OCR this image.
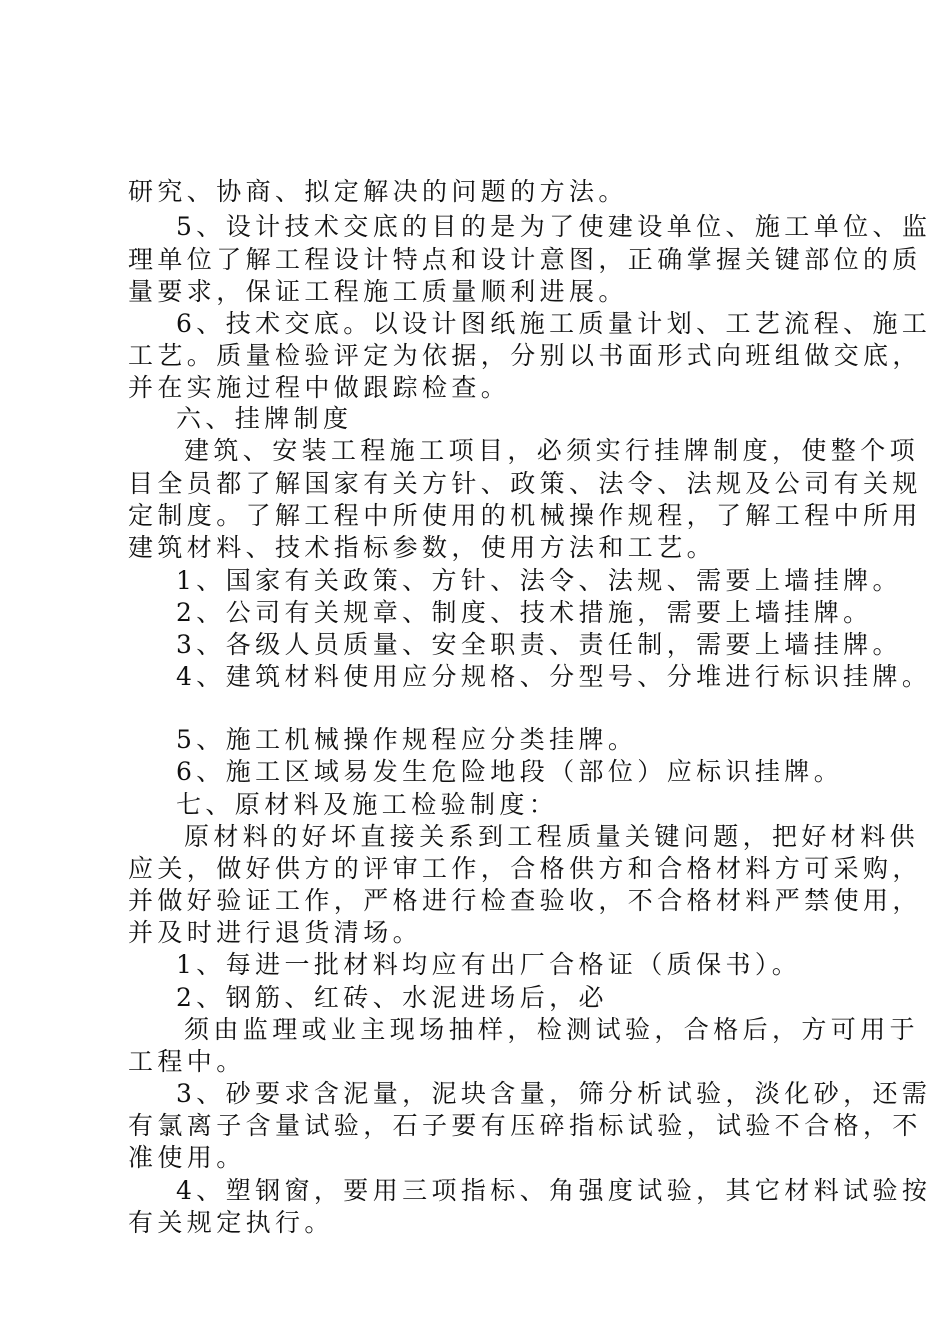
研究、协商、拟定解决的问题的方法。
5、设计技术交底的目的是为了使建设单位、施工单位、监
理单位了解工程设计特点和设计意图，正确掌握关键部位的质
量要求，保证工程施工质量顺利进展。
6、技术交底。以设计图纸施工质量计划、工艺流程、施工
工艺。质量检验评定为依据，分别以书面形式向班组做交底，
并在实施过程中做跟踪检查。
六、挂牌制度
建筑、安装工程施工项目，必须实行挂牌制度，使整个项
目全员都了解国家有关方针、政策、法令、法规及公司有关规
定制度。了解工程中所使用的机械操作规程，了解工程中所用
建筑材料、技术指标参数，使用方法和工艺。
1、国家有关政策、方针、法令、法规、需要上墙挂牌。
2、公司有关规章、制度、技术措施，需要上墙挂牌。
3、各级人员质量、安全职责、责任制，需要上墙挂牌。
4、建筑材料使用应分规格、分型号、分堆进行标识挂牌。
5、施工机械操作规程应分类挂牌。
6、施工区域易发生危险地段（部位）应标识挂牌。
七、原材料及施工检验制度：
原材料的好坏直接关系到工程质量关键问题，把好材料供
应关，做好供方的评审工作，合格供方和合格材料方可采购，
并做好验证工作，严格进行检查验收，不合格材料严禁使用，
并及时进行退货清场。
1、每进一批材料均应有出厂合格证（质保书）。
2、钢筋、红砖、水泥进场后，必
须由监理或业主现场抽样，检测试验，合格后，方可用于
工程中。
3、砂要求含泥量，泥块含量，筛分析试验，淡化砂，还需
有氯离子含量试验，石子要有压碎指标试验，试验不合格，不
准使用。
4、塑钢窗，要用三项指标、角强度试验，其它材料试验按
有关规定执行。
